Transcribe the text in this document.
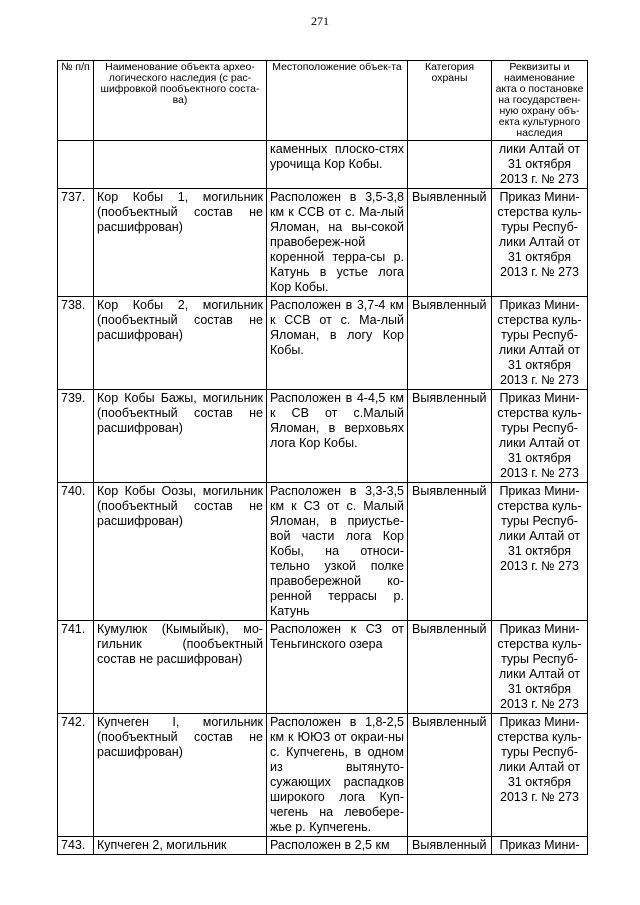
271
№ п/п	Наименование объекта архео-логического наследия (с рас-шифровкой пообъектного соста-ва)	Местоположение объек-та	Категория охраны	Реквизиты и наименование акта о постановке на государствен-ную охрану объ-екта культурного наследия
		каменных плоско-стях урочища Кор Кобы.		лики Алтай от 31 октября 2013 г. № 273
737.	Кор Кобы 1, могильник (пообъектный состав не расшифрован)	Расположен в 3,5-3,8 км к ССВ от с. Ма-лый Яломан, на вы-сокой правобереж-ной коренной терра-сы р. Катунь в устье лога Кор Кобы.	Выявленный	Приказ Мини-стерства куль-туры Респуб-лики Алтай от 31 октября 2013 г. № 273
738.	Кор Кобы 2, могильник (пообъектный состав не расшифрован)	Расположен в 3,7-4 км к ССВ от с. Ма-лый Яломан, в логу Кор Кобы.	Выявленный	Приказ Мини-стерства куль-туры Респуб-лики Алтай от 31 октября 2013 г. № 273
739.	Кор Кобы Бажы, могильник (пообъектный состав не расшифрован)	Расположен в 4-4,5 км к СВ от с.Малый Яломан, в верховьях лога Кор Кобы.	Выявленный	Приказ Мини-стерства куль-туры Респуб-лики Алтай от 31 октября 2013 г. № 273
740.	Кор Кобы Оозы, могильник (пообъектный состав не расшифрован)	Расположен в 3,3-3,5 км к СЗ от с. Малый Яломан, в приустье-вой части лога Кор Кобы, на относи-тельно узкой полке правобережной ко-ренной террасы р. Катунь	Выявленный	Приказ Мини-стерства куль-туры Респуб-лики Алтай от 31 октября 2013 г. № 273
741.	Кумулюк (Кымыйык), мо-гильник (пообъектный состав не расшифрован)	Расположен к СЗ от Теньгинского озера	Выявленный	Приказ Мини-стерства куль-туры Респуб-лики Алтай от 31 октября 2013 г. № 273
742.	Купчеген I, могильник (пообъектный состав не расшифрован)	Расположен в 1,8-2,5 км к ЮЮЗ от окраи-ны с. Купчегень, в одном из вытянуто-сужающих распадков широкого лога Куп-чегень на левобере-жье р. Купчегень.	Выявленный	Приказ Мини-стерства куль-туры Респуб-лики Алтай от 31 октября 2013 г. № 273
743.	Купчеген 2, могильник	Расположен в 2,5 км	Выявленный	Приказ Мини-
